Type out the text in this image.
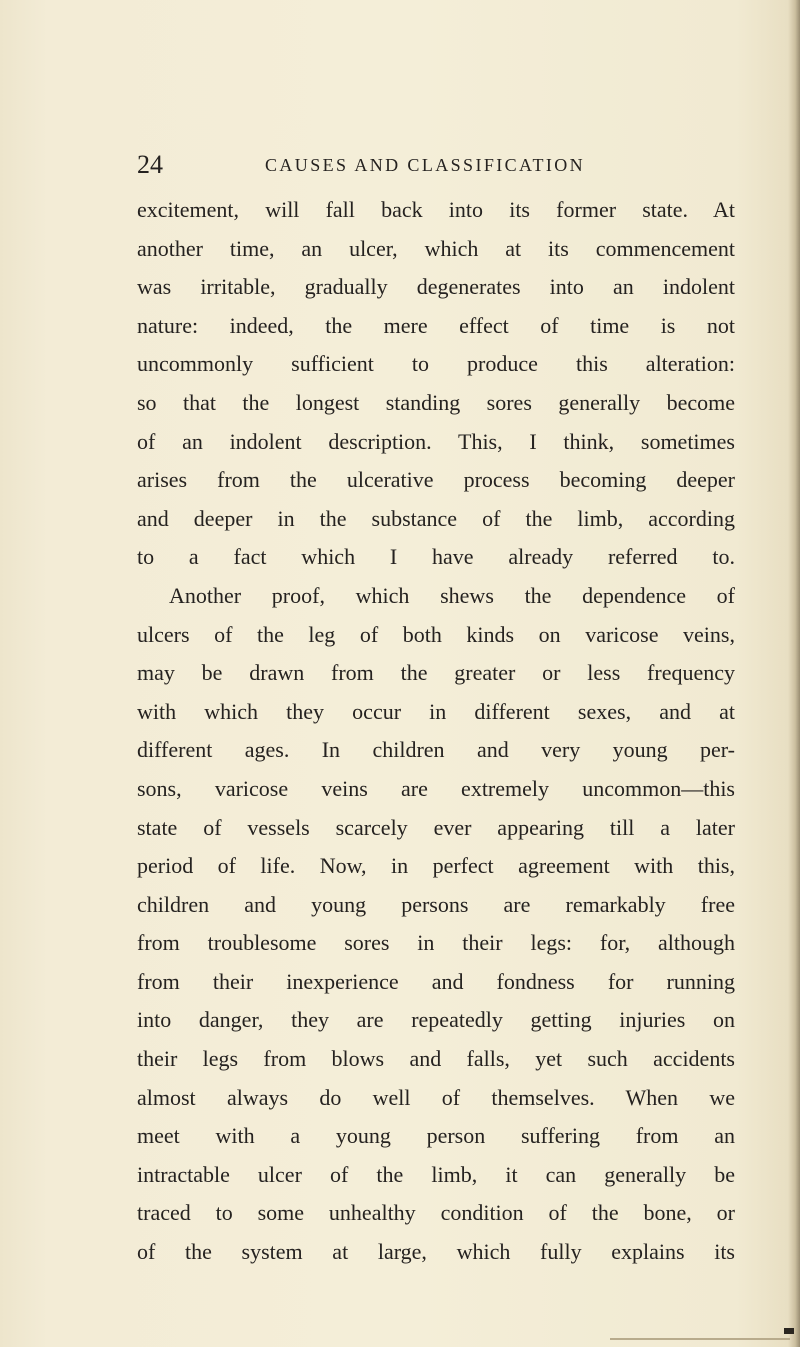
24	CAUSES AND CLASSIFICATION
excitement, will fall back into its former state. At
another time, an ulcer, which at its commencement
was irritable, gradually degenerates into an indolent
nature: indeed, the mere effect of time is not
uncommonly sufficient to produce this alteration:
so that the longest standing sores generally become
of an indolent description. This, I think, sometimes
arises from the ulcerative process becoming deeper
and deeper in the substance of the limb, according
to a fact which I have already referred to.
Another proof, which shews the dependence of
ulcers of the leg of both kinds on varicose veins,
may be drawn from the greater or less frequency
with which they occur in different sexes, and at
different ages. In children and very young per-
sons, varicose veins are extremely uncommon—this
state of vessels scarcely ever appearing till a later
period of life. Now, in perfect agreement with this,
children and young persons are remarkably free
from troublesome sores in their legs: for, although
from their inexperience and fondness for running
into danger, they are repeatedly getting injuries on
their legs from blows and falls, yet such accidents
almost always do well of themselves. When we
meet with a young person suffering from an
intractable ulcer of the limb, it can generally be
traced to some unhealthy condition of the bone, or
of the system at large, which fully explains its
